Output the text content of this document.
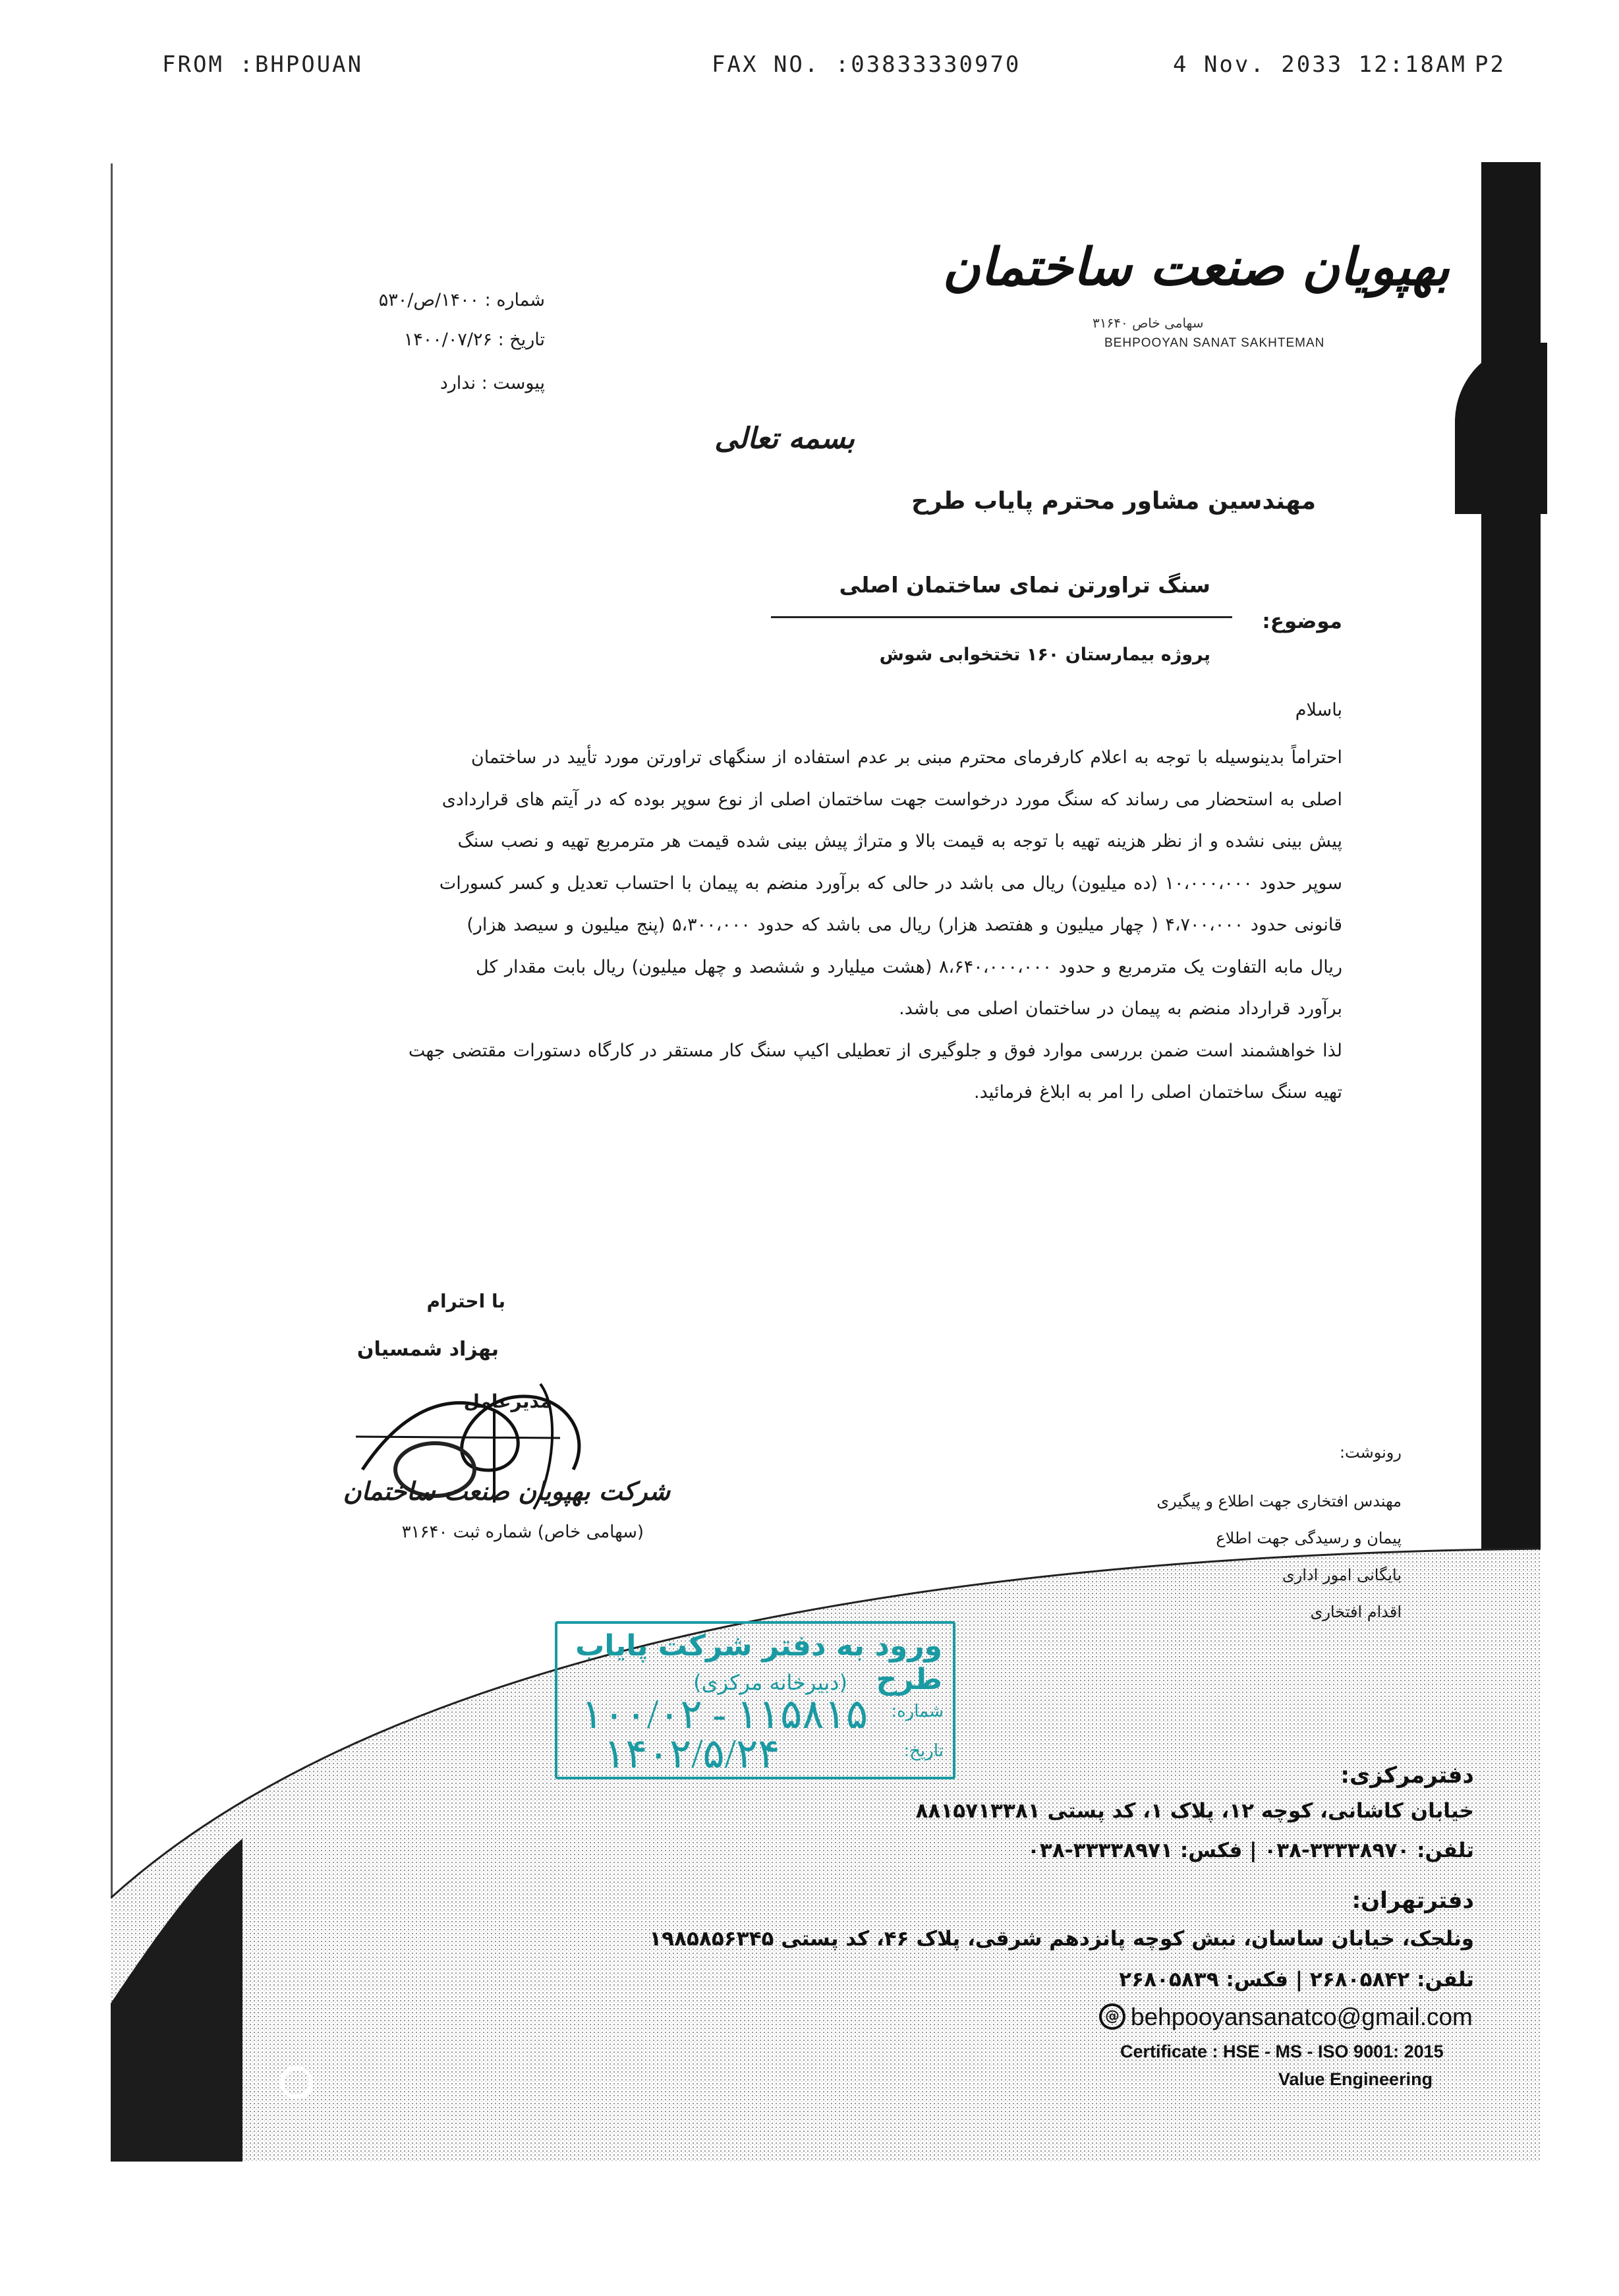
FROM :BHPOUAN	FAX NO. :03833330970	4 Nov. 2033 12:18AM P2
بهپویان صنعت ساختمان
سهامی خاص ۳۱۶۴۰
BEHPOOYAN SANAT SAKHTEMAN
شماره : ۱۴۰۰/ص/۵۳۰
تاریخ : ۱۴۰۰/۰۷/۲۶
پیوست : ندارد
بسمه تعالی
مهندسین مشاور محترم پایاب طرح
موضوع:
سنگ تراورتن نمای ساختمان اصلی
پروژه بیمارستان ۱۶۰ تختخوابی شوش
باسلام
احتراماً بدینوسیله با توجه به اعلام کارفرمای محترم مبنی بر عدم استفاده از سنگهای تراورتن مورد تأیید در ساختمان
اصلی به استحضار می رساند که سنگ مورد درخواست جهت ساختمان اصلی از نوع سوپر بوده که در آیتم های قراردادی
پیش بینی نشده و از نظر هزینه تهیه با توجه به قیمت بالا و متراژ پیش بینی شده قیمت هر مترمربع تهیه و نصب سنگ
سوپر حدود ۱۰،۰۰۰،۰۰۰ (ده میلیون) ریال می باشد در حالی که برآورد منضم به پیمان با احتساب تعدیل و کسر کسورات
قانونی حدود ۴،۷۰۰،۰۰۰ ( چهار میلیون و هفتصد هزار) ریال می باشد که حدود ۵،۳۰۰،۰۰۰ (پنج میلیون و سیصد هزار)
ریال مابه التفاوت یک مترمربع و حدود ۸،۶۴۰،۰۰۰،۰۰۰ (هشت میلیارد و ششصد و چهل میلیون) ریال بابت مقدار کل
برآورد قرارداد منضم به پیمان در ساختمان اصلی می باشد.
لذا خواهشمند است ضمن بررسی موارد فوق و جلوگیری از تعطیلی اکیپ سنگ کار مستقر در کارگاه دستورات مقتضی جهت
تهیه سنگ ساختمان اصلی را امر به ابلاغ فرمائید.
با احترام
بهزاد شمسیان
مدیرعامل
شرکت بهپویان صنعت ساختمان
(سهامی خاص) شماره ثبت ۳۱۶۴۰
رونوشت:
مهندس افتخاری جهت اطلاع و پیگیری
پیمان و رسیدگی جهت اطلاع
بایگانی امور اداری
اقدام افتخاری
ورود به دفتر شرکت پایاب طرح
(دبیرخانه مرکزی)
شماره:
۱۰۰/۰۲ - ۱۱۵۸۱۵
تاریخ:
۱۴۰۲/۵/۲۴	دفترمرکزی:
خیابان کاشانی، کوچه ۱۲، پلاک ۱، کد پستی ۸۸۱۵۷۱۳۳۸۱
تلفن: ۳۳۳۳۸۹۷۰-۰۳۸ | فکس: ۳۳۳۳۸۹۷۱-۰۳۸
دفترتهران:
ونلجک، خیابان ساسان، نبش کوچه پانزدهم شرقی، پلاک ۴۶، کد پستی ۱۹۸۵۸۵۶۳۴۵
تلفن: ۲۶۸۰۵۸۴۲ | فکس: ۲۶۸۰۵۸۳۹
@ behpooyansanatco@gmail.com
Certificate : HSE - MS - ISO 9001: 2015
Value Engineering
